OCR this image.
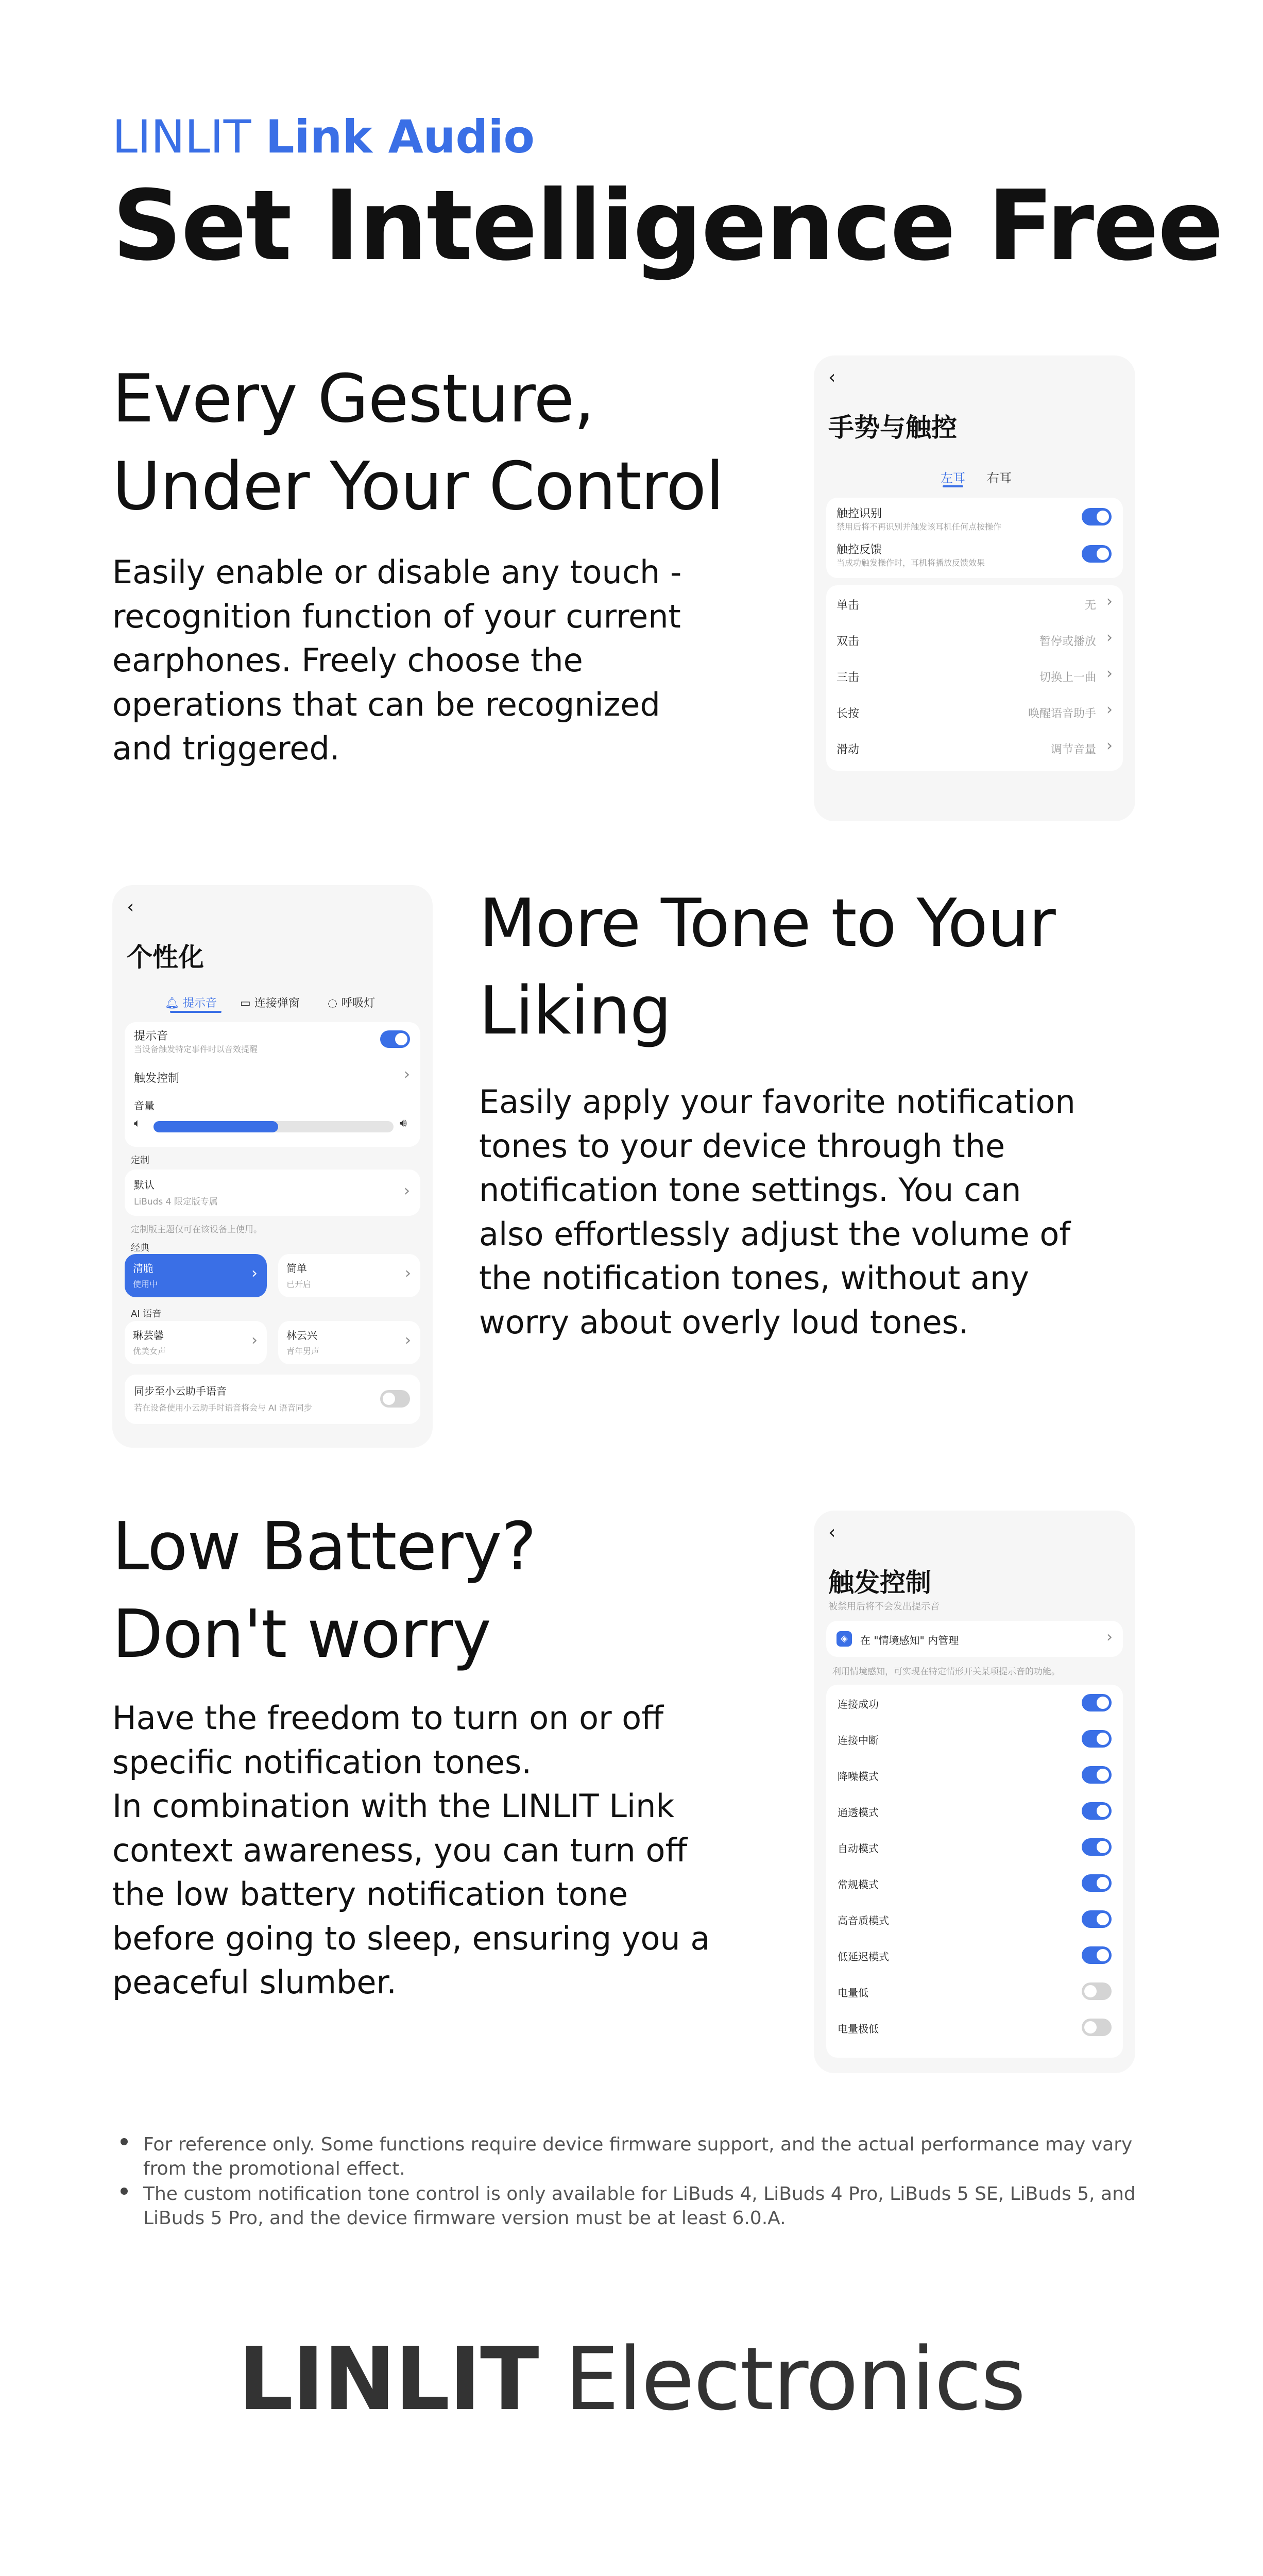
LINLIT Link Audio
Set Intelligence Free
Every Gesture,
Under Your Control
Easily enable or disable any touch -
recognition function of your current
earphones. Freely choose the
operations that can be recognized
and triggered.
‹
手势与触控
左耳 右耳
触控识别
禁用后将不再识别并触发该耳机任何点按操作
触控反馈
当成功触发操作时，耳机将播放反馈效果
单击	无 ›
双击	暂停或播放 ›
三击	切换上一曲 ›
长按	唤醒语音助手 ›
滑动	调节音量 ›
‹
个性化
🔔︎ 提示音 ▭ 连接弹窗 ◌ 呼吸灯
提示音
当设备触发特定事件时以音效提醒
触发控制	›
音量
🔈︎	🔊︎
定制
默认
LiBuds 4 限定版专属
›
定制版主题仅可在该设备上使用。
经典
清脆
使用中
›	简单
已开启
›
AI 语音
琳芸馨
优美女声
›	林云兴
青年男声
›
同步至小云助手语音
若在设备使用小云助手时语音将会与 AI 语音同步
More Tone to Your
Liking
Easily apply your favorite notification
tones to your device through the
notification tone settings. You can
also effortlessly adjust the volume of
the notification tones, without any
worry about overly loud tones.
Low Battery?
Don't worry
Have the freedom to turn on or off
specific notification tones.
In combination with the LINLIT Link
context awareness, you can turn off
the low battery notification tone
before going to sleep, ensuring you a
peaceful slumber.
‹
触发控制
被禁用后将不会发出提示音
◈	在 "情境感知" 内管理	›
利用情境感知，可实现在特定情形开关某项提示音的功能。
连接成功
连接中断
降噪模式
通透模式
自动模式
常规模式
高音质模式
低延迟模式
电量低
电量极低
For reference only. Some functions require device firmware support, and the actual performance may vary from the promotional effect.
The custom notification tone control is only available for LiBuds 4, LiBuds 4 Pro, LiBuds 5 SE, LiBuds 5, and LiBuds 5 Pro, and the device firmware version must be at least 6.0.A.
LINLIT Electronics
